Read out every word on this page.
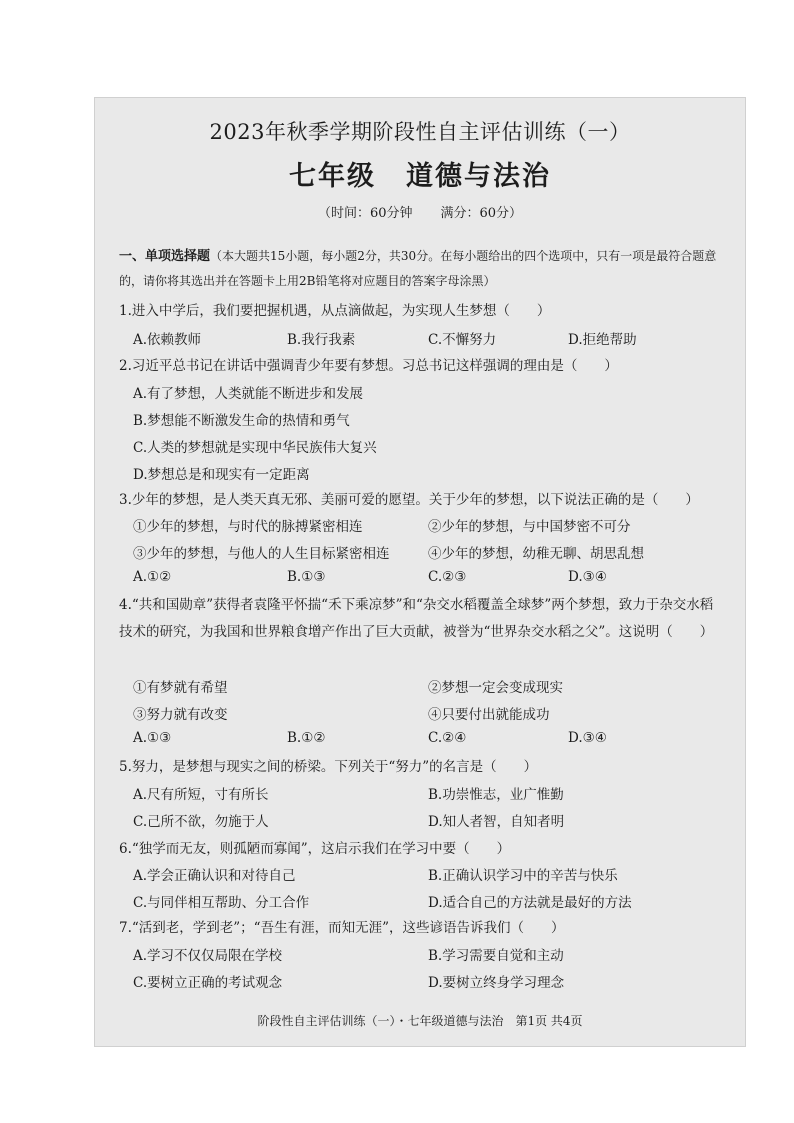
2023年秋季学期阶段性自主评估训练（一）
七年级 道德与法治
（时间：60分钟 满分：60分）
一、单项选择题（本大题共15小题，每小题2分，共30分。在每小题给出的四个选项中，只有一项是最符合题意的，请你将其选出并在答题卡上用2B铅笔将对应题目的答案字母涂黑）
1.进入中学后，我们要把握机遇，从点滴做起，为实现人生梦想（　　）
A.依赖教师	B.我行我素	C.不懈努力	D.拒绝帮助
2.习近平总书记在讲话中强调青少年要有梦想。习总书记这样强调的理由是（　　）
A.有了梦想，人类就能不断进步和发展
B.梦想能不断激发生命的热情和勇气
C.人类的梦想就是实现中华民族伟大复兴
D.梦想总是和现实有一定距离
3.少年的梦想，是人类天真无邪、美丽可爱的愿望。关于少年的梦想，以下说法正确的是（　　）
①少年的梦想，与时代的脉搏紧密相连	②少年的梦想，与中国梦密不可分
③少年的梦想，与他人的人生目标紧密相连	④少年的梦想，幼稚无聊、胡思乱想
A.①②	B.①③	C.②③	D.③④
4.“共和国勋章”获得者袁隆平怀揣“禾下乘凉梦”和“杂交水稻覆盖全球梦”两个梦想，致力于杂交水稻技术的研究，为我国和世界粮食增产作出了巨大贡献，被誉为“世界杂交水稻之父”。这说明（　　）
①有梦就有希望	②梦想一定会变成现实
③努力就有改变	④只要付出就能成功
A.①③	B.①②	C.②④	D.③④
5.努力，是梦想与现实之间的桥梁。下列关于“努力”的名言是（　　）
A.尺有所短，寸有所长	B.功崇惟志，业广惟勤
C.己所不欲，勿施于人	D.知人者智，自知者明
6.“独学而无友，则孤陋而寡闻”，这启示我们在学习中要（　　）
A.学会正确认识和对待自己	B.正确认识学习中的辛苦与快乐
C.与同伴相互帮助、分工合作	D.适合自己的方法就是最好的方法
7.“活到老，学到老”；“吾生有涯，而知无涯”，这些谚语告诉我们（　　）
A.学习不仅仅局限在学校	B.学习需要自觉和主动
C.要树立正确的考试观念	D.要树立终身学习理念
阶段性自主评估训练（一）・七年级道德与法治　第1页 共4页
